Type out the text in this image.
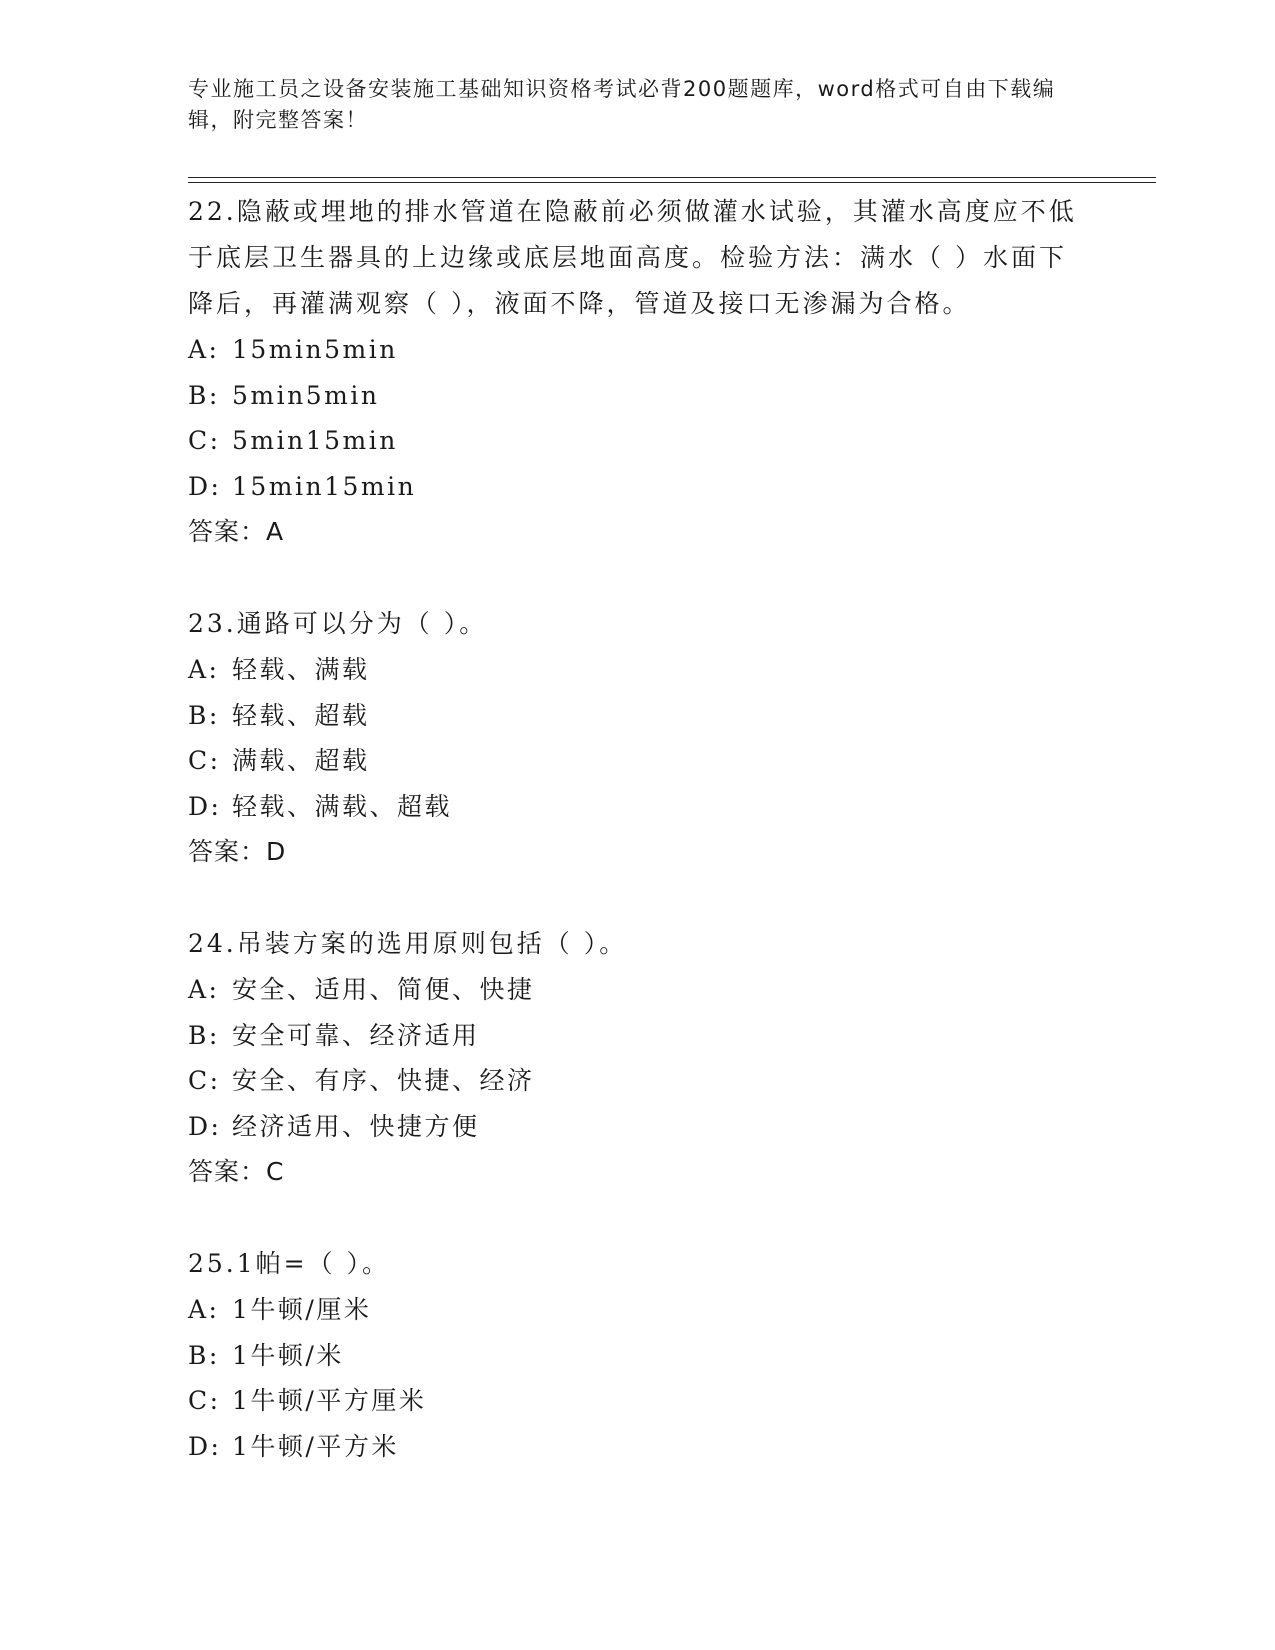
专业施工员之设备安装施工基础知识资格考试必背200题题库，word格式可自由下载编辑，附完整答案！

22.隐蔽或埋地的排水管道在隐蔽前必须做灌水试验，其灌水高度应不低于底层卫生器具的上边缘或底层地面高度。检验方法：满水（ ）水面下降后，再灌满观察（ ），液面不降，管道及接口无渗漏为合格。

A: 15min5min

B: 5min5min

C: 5min15min

D: 15min15min

答案：A

23.通路可以分为（ ）。

A: 轻载、满载

B: 轻载、超载

C: 满载、超载

D: 轻载、满载、超载

答案：D

24.吊装方案的选用原则包括（ ）。

A: 安全、适用、简便、快捷

B: 安全可靠、经济适用

C: 安全、有序、快捷、经济

D: 经济适用、快捷方便

答案：C

25.1帕=（ ）。

A: 1牛顿/厘米

B: 1牛顿/米

C: 1牛顿/平方厘米

D: 1牛顿/平方米
